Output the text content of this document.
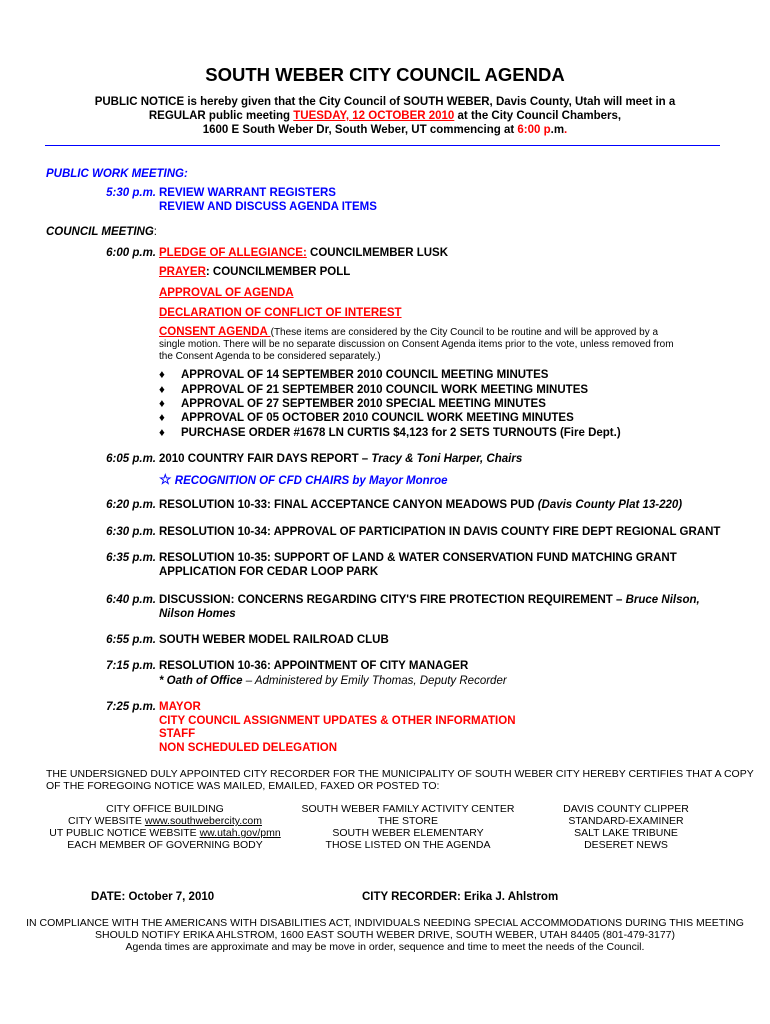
SOUTH WEBER CITY COUNCIL AGENDA
PUBLIC NOTICE is hereby given that the City Council of SOUTH WEBER, Davis County, Utah will meet in a
REGULAR public meeting TUESDAY, 12 OCTOBER 2010 at the City Council Chambers,
1600 E South Weber Dr, South Weber, UT commencing at 6:00 p.m.
PUBLIC WORK MEETING:
5:30 p.m. REVIEW WARRANT REGISTERS
REVIEW AND DISCUSS AGENDA ITEMS
COUNCIL MEETING:
6:00 p.m. PLEDGE OF ALLEGIANCE: COUNCILMEMBER LUSK
PRAYER: COUNCILMEMBER POLL
APPROVAL OF AGENDA
DECLARATION OF CONFLICT OF INTEREST
CONSENT AGENDA (These items are considered by the City Council to be routine and will be approved by a
single motion. There will be no separate discussion on Consent Agenda items prior to the vote, unless removed from
the Consent Agenda to be considered separately.)
♦ APPROVAL OF 14 SEPTEMBER 2010 COUNCIL MEETING MINUTES
♦ APPROVAL OF 21 SEPTEMBER 2010 COUNCIL WORK MEETING MINUTES
♦ APPROVAL OF 27 SEPTEMBER 2010 SPECIAL MEETING MINUTES
♦ APPROVAL OF 05 OCTOBER 2010 COUNCIL WORK MEETING MINUTES
♦ PURCHASE ORDER #1678 LN CURTIS $4,123 for 2 SETS TURNOUTS (Fire Dept.)
6:05 p.m. 2010 COUNTRY FAIR DAYS REPORT – Tracy & Toni Harper, Chairs
☆ RECOGNITION OF CFD CHAIRS by Mayor Monroe
6:20 p.m. RESOLUTION 10-33: FINAL ACCEPTANCE CANYON MEADOWS PUD (Davis County Plat 13-220)
6:30 p.m. RESOLUTION 10-34: APPROVAL OF PARTICIPATION IN DAVIS COUNTY FIRE DEPT REGIONAL GRANT
6:35 p.m. RESOLUTION 10-35: SUPPORT OF LAND & WATER CONSERVATION FUND MATCHING GRANT
APPLICATION FOR CEDAR LOOP PARK
6:40 p.m. DISCUSSION: CONCERNS REGARDING CITY'S FIRE PROTECTION REQUIREMENT – Bruce Nilson,
Nilson Homes
6:55 p.m. SOUTH WEBER MODEL RAILROAD CLUB
7:15 p.m. RESOLUTION 10-36: APPOINTMENT OF CITY MANAGER
* Oath of Office – Administered by Emily Thomas, Deputy Recorder
7:25 p.m. MAYOR
CITY COUNCIL ASSIGNMENT UPDATES & OTHER INFORMATION
STAFF
NON SCHEDULED DELEGATION
THE UNDERSIGNED DULY APPOINTED CITY RECORDER FOR THE MUNICIPALITY OF SOUTH WEBER CITY HEREBY CERTIFIES THAT A COPY
OF THE FOREGOING NOTICE WAS MAILED, EMAILED, FAXED OR POSTED TO:
CITY OFFICE BUILDING
CITY WEBSITE www.southwebercity.com
UT PUBLIC NOTICE WEBSITE ww.utah.gov/pmn
EACH MEMBER OF GOVERNING BODY
SOUTH WEBER FAMILY ACTIVITY CENTER
THE STORE
SOUTH WEBER ELEMENTARY
THOSE LISTED ON THE AGENDA
DAVIS COUNTY CLIPPER
STANDARD-EXAMINER
SALT LAKE TRIBUNE
DESERET NEWS
DATE: October 7, 2010	CITY RECORDER: Erika J. Ahlstrom
IN COMPLIANCE WITH THE AMERICANS WITH DISABILITIES ACT, INDIVIDUALS NEEDING SPECIAL ACCOMMODATIONS DURING THIS MEETING
SHOULD NOTIFY ERIKA AHLSTROM, 1600 EAST SOUTH WEBER DRIVE, SOUTH WEBER, UTAH 84405 (801-479-3177)
Agenda times are approximate and may be move in order, sequence and time to meet the needs of the Council.
